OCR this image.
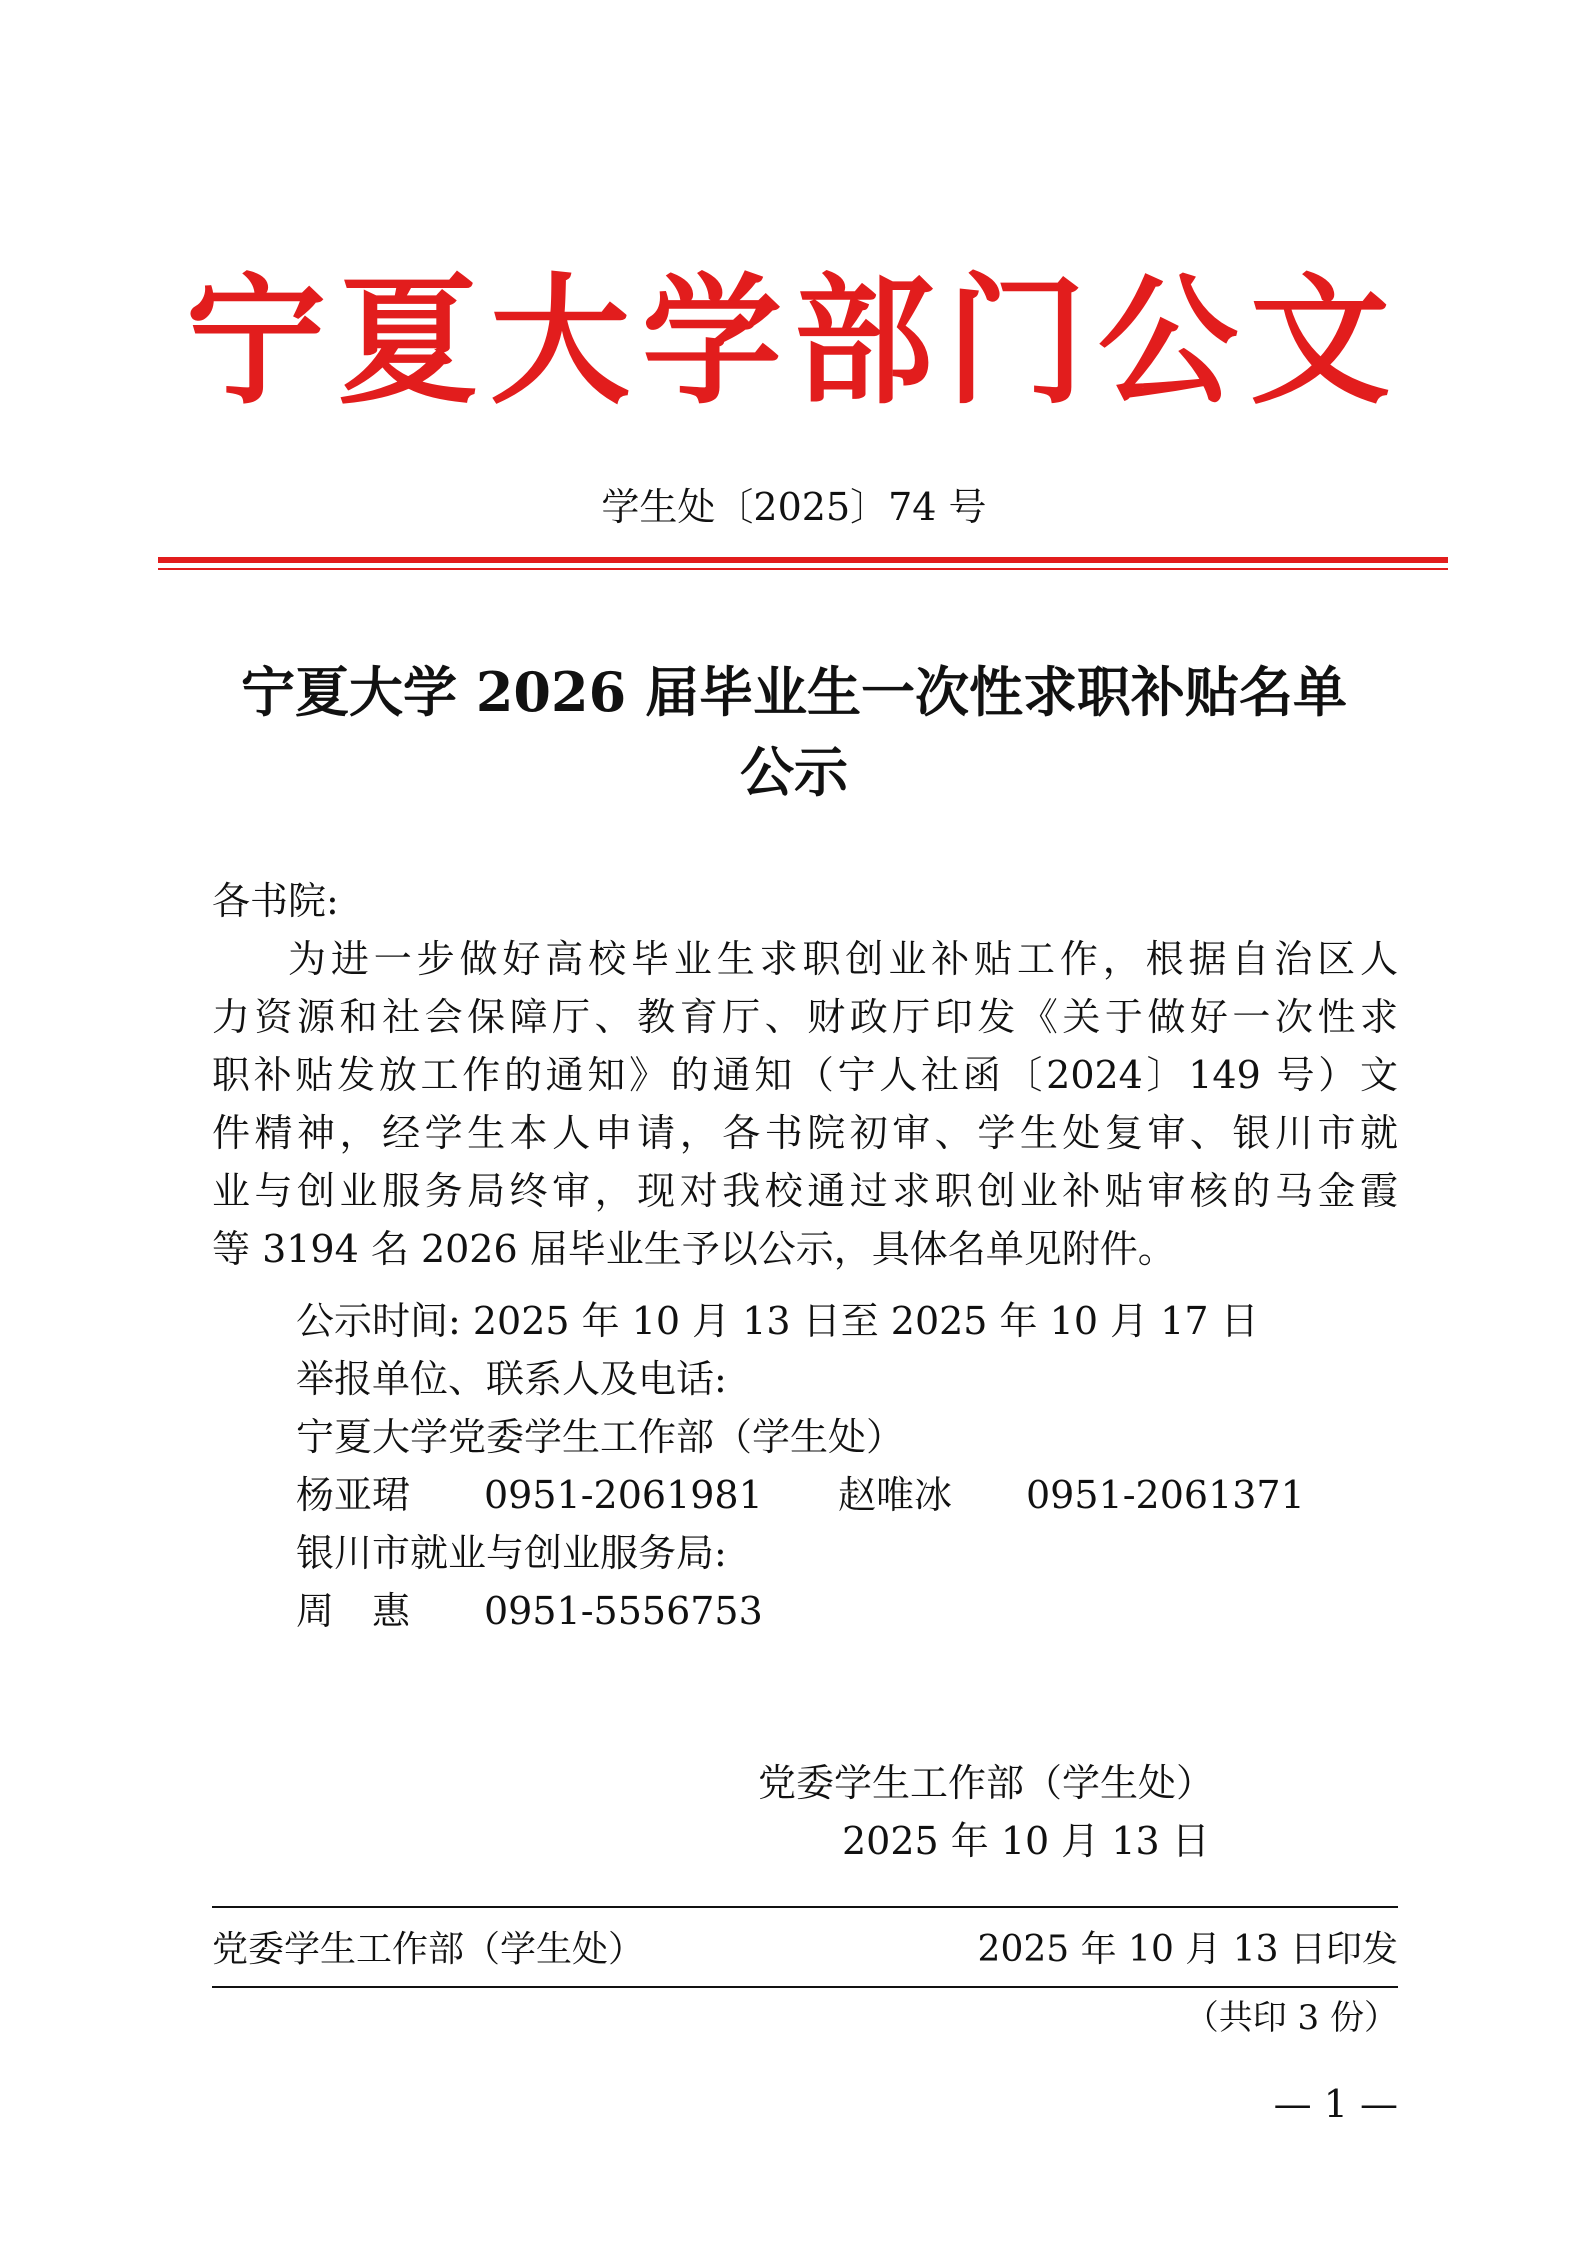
宁夏大学部门公文
学生处〔2025〕74 号
宁夏大学 2026 届毕业生一次性求职补贴名单
公示
各书院:
为进一步做好高校毕业生求职创业补贴工作，根据自治区人
力资源和社会保障厅、教育厅、财政厅印发《关于做好一次性求
职补贴发放工作的通知》的通知（宁人社函〔2024〕149 号）文
件精神，经学生本人申请，各书院初审、学生处复审、银川市就
业与创业服务局终审，现对我校通过求职创业补贴审核的马金霞
等 3194 名 2026 届毕业生予以公示，具体名单见附件。
公示时间: 2025 年 10 月 13 日至 2025 年 10 月 17 日
举报单位、联系人及电话:
宁夏大学党委学生工作部（学生处）
杨亚珺 0951-2061981 赵唯冰 0951-2061371
银川市就业与创业服务局:
周惠 0951-5556753
党委学生工作部（学生处）
2025 年 10 月 13 日
党委学生工作部（学生处）	2025 年 10 月 13 日印发
（共印 3 份）
— 1 —
